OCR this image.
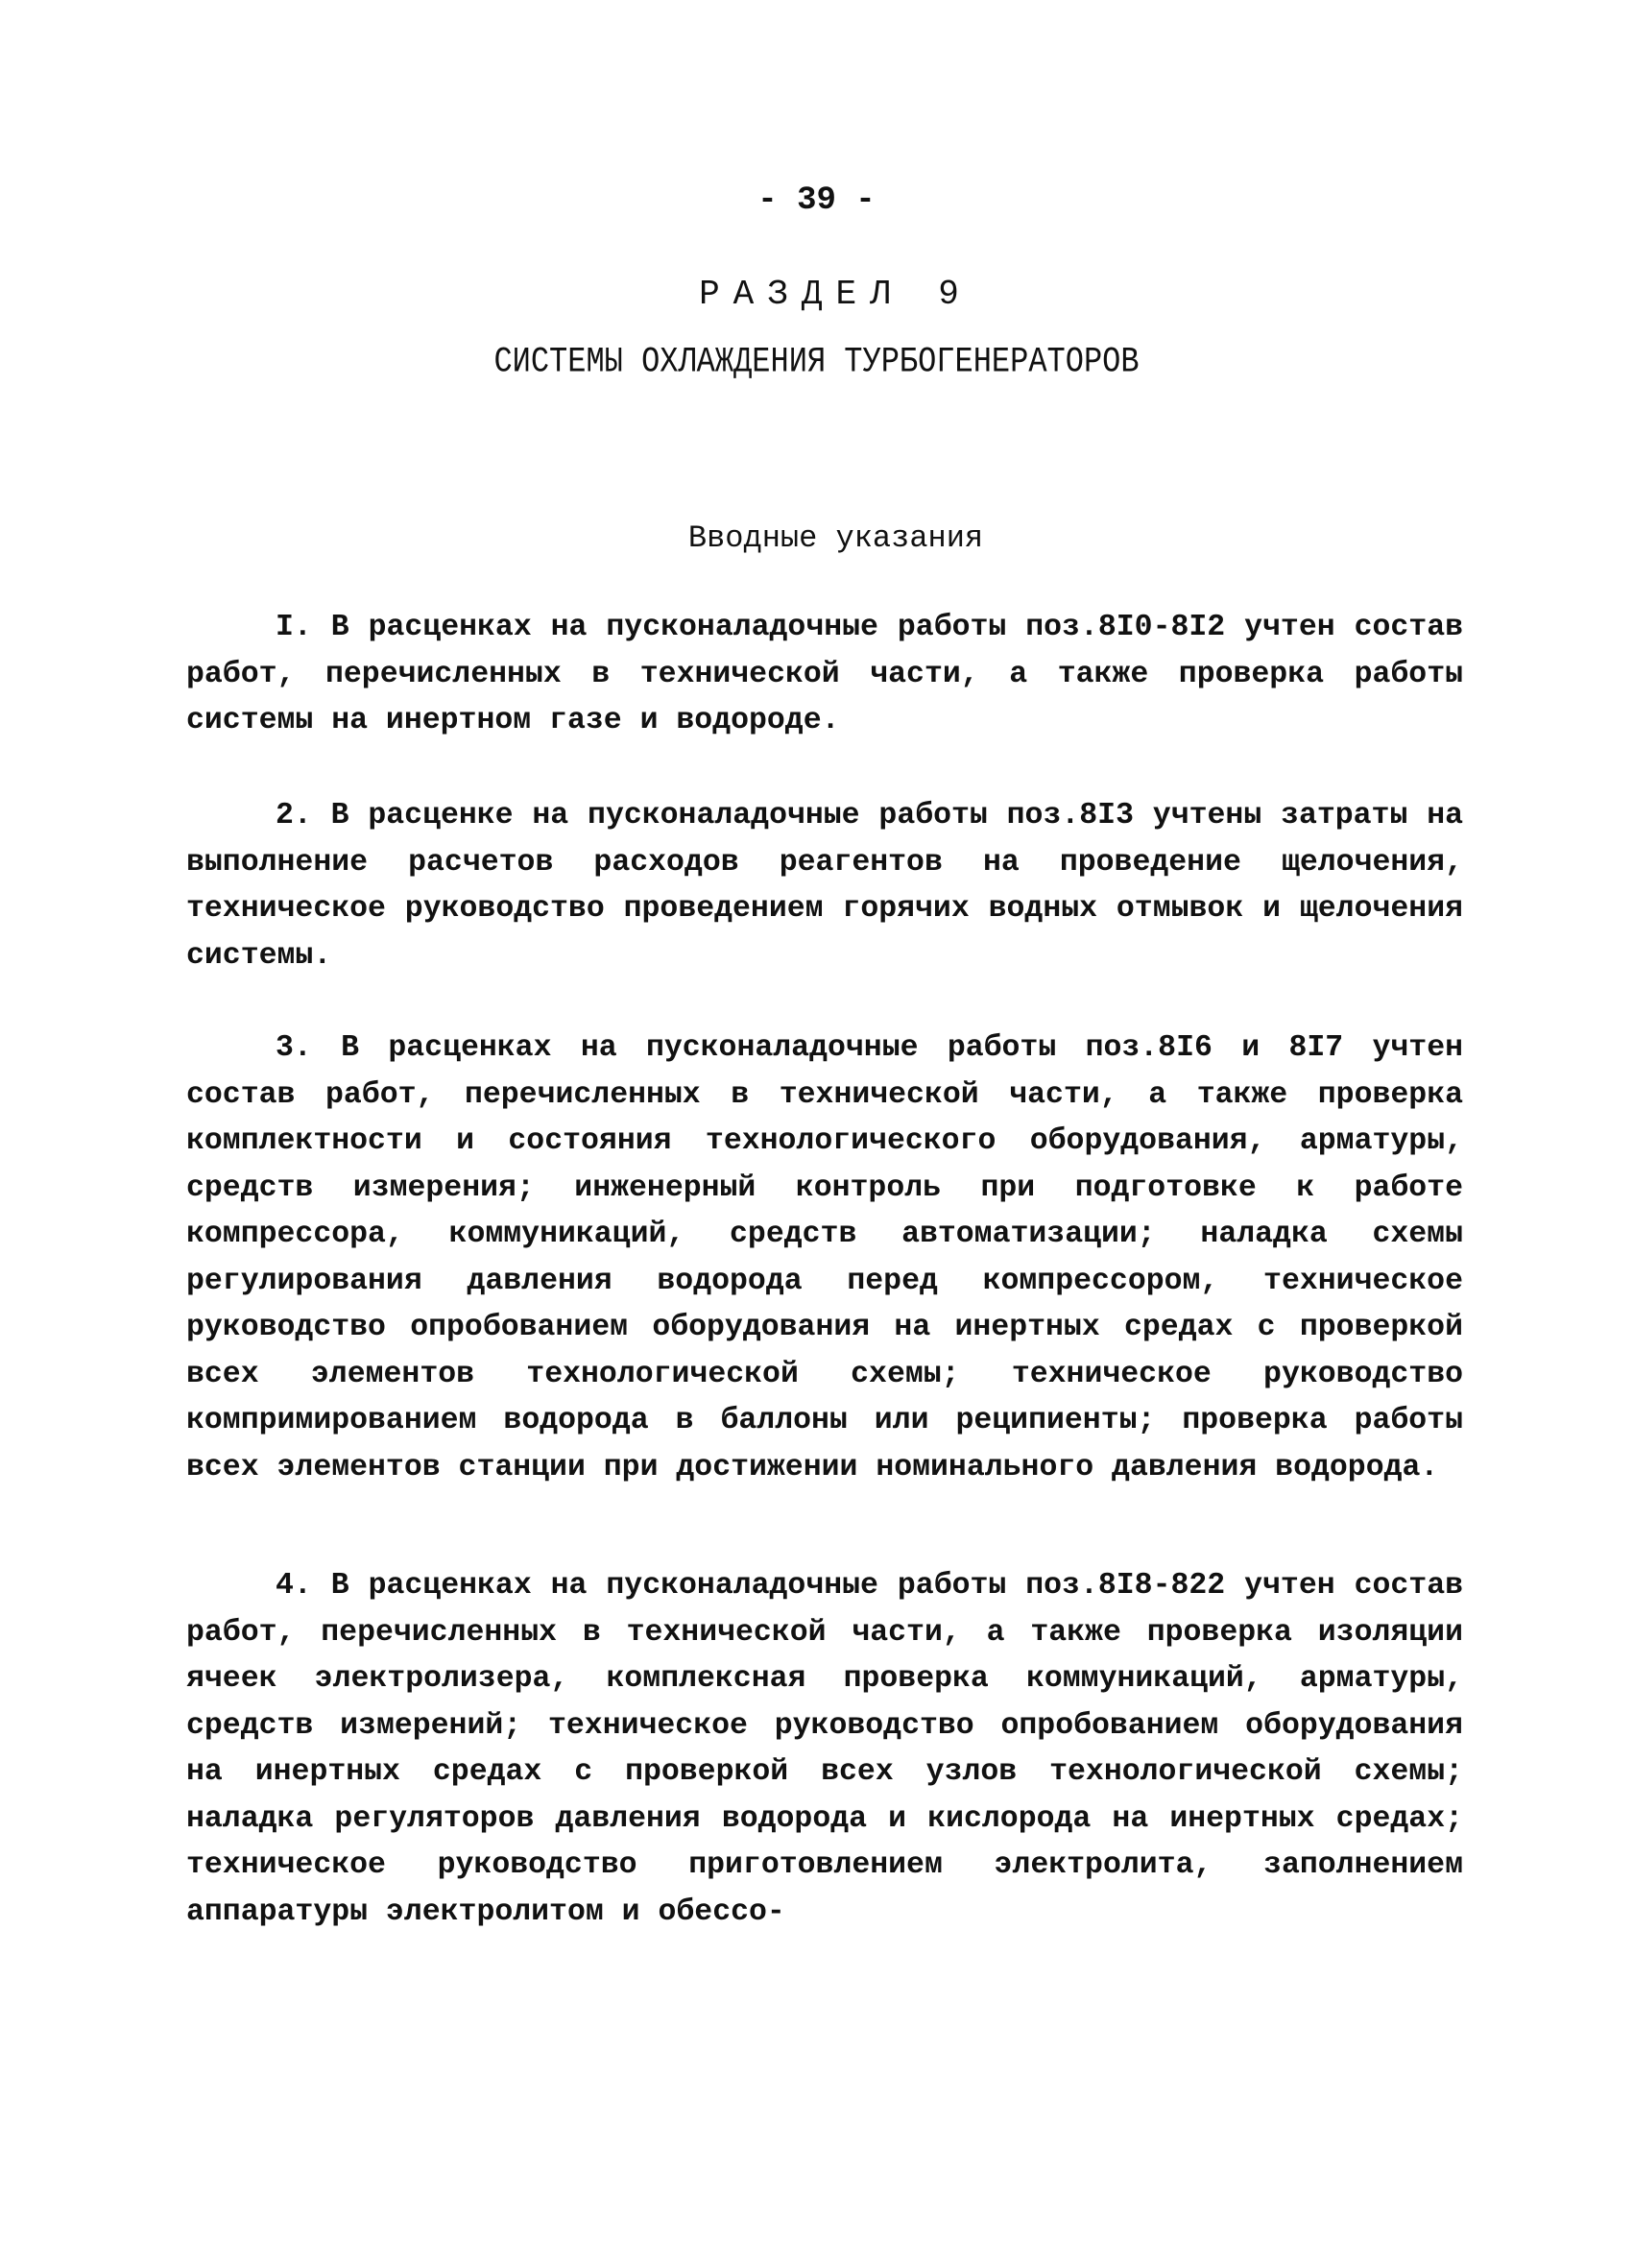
- 39 -
РАЗДЕЛ 9
СИСТЕМЫ ОХЛАЖДЕНИЯ ТУРБОГЕНЕРАТОРОВ
Вводные указания

I. В расценках на пусконаладочные работы поз.8I0-8I2 учтен состав работ, перечисленных в технической части, а также проверка работы системы на инертном газе и водороде.

2. В расценке на пусконаладочные работы поз.8I3 учтены затраты на выполнение расчетов расходов реагентов на проведение щелочения, техническое руководство проведением горячих водных отмывок и щелочения системы.

3. В расценках на пусконаладочные работы поз.8I6 и 8I7 учтен состав работ, перечисленных в технической части, а также проверка комплектности и состояния технологического оборудования, арматуры, средств измерения; инженерный контроль при подготовке к работе компрессора, коммуникаций, средств автоматизации; наладка схемы регулирования давления водорода перед компрессором, техническое руководство опробованием оборудования на инертных средах с проверкой всех элементов технологической схемы; техническое руководство компримированием водорода в баллоны или реципиенты; проверка работы всех элементов станции при достижении номинального давления водорода.

4. В расценках на пусконаладочные работы поз.8I8-822 учтен состав работ, перечисленных в технической части, а также проверка изоляции ячеек электролизера, комплексная проверка коммуникаций, арматуры, средств измерений; техническое руководство опробованием оборудования на инертных средах с проверкой всех узлов технологической схемы; наладка регуляторов давления водорода и кислорода на инертных средах; техническое руководство приготовлением электролита, заполнением аппаратуры электролитом и обессо-
